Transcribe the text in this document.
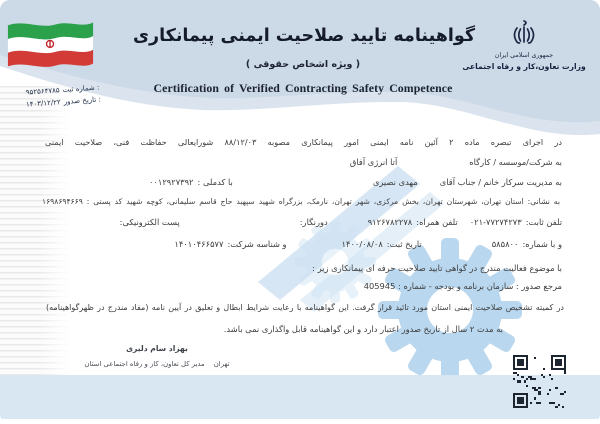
شماره ثبت :
۹۵۲۵۶۴۷۸۵
تاریخ صدور :
۱۴۰۳/۱۲/۲۲
گواهینامه تایید صلاحیت ایمنی پیمانکاری
( ویژه اشخاص حقوقی )
Certification of Verified Contracting Safety Competence
جمهوری اسلامی ایران
وزارت تعاون،کار و رفاه اجتماعی
در اجرای تبصره ماده ۲ آئین نامه ایمنی امور پیمانکاری مصوبه ۸۸/۱۲/۰۳ شورایعالی حفاظت فنی، صلاحیت ایمنی
به شرکت/موسسه / کارگاه
آتا انرژی آفاق
به مدیریت سرکار خانم / جناب آقای
مهدی نصیری
با کدملی :
۰۰۱۲۹۲۷۳۹۲
به نشانی: استان تهران، شهرستان تهران، بخش مرکزی، شهر تهران، نارمک، بزرگراه شهید سپهبد حاج قاسم سلیمانی، کوچه شهید کد پستی : ۱۶۹۸۶۹۴۶۶۹
تلفن ثابت:
۰۲۱-۷۷۲۷۴۲۷۳
تلفن همراه:
۹۱۲۶۷۸۲۲۷۸
دورنگار:
پست الکترونیکی:
و با شماره:
۵۸۵۸۰۰
تاریخ ثبت:
۱۴۰۰/۰۸/۰۸
و شناسه شرکت:
۱۴۰۱۰۴۶۶۵۷۷
با موضوع فعالیت مندرج در گواهی تایید صلاحیت حرفه ای پیمانکاری زیر :
مرجع صدور : سازمان برنامه و بودجه - شماره : 405945
در کمیته تشخیص صلاحیت ایمنی استان مورد تائید قرار گرفت. این گواهینامه با رعایت شرایط ابطال و تعلیق در آیین نامه (مفاد مندرج در ظهرگواهینامه)
به مدت ۲ سال از تاریخ صدور اعتبار دارد و این گواهینامه قابل واگذاری نمی باشد.
بهزاد سام دلیری
مدیر کل تعاون، کار و رفاه اجتماعی استان تهران
